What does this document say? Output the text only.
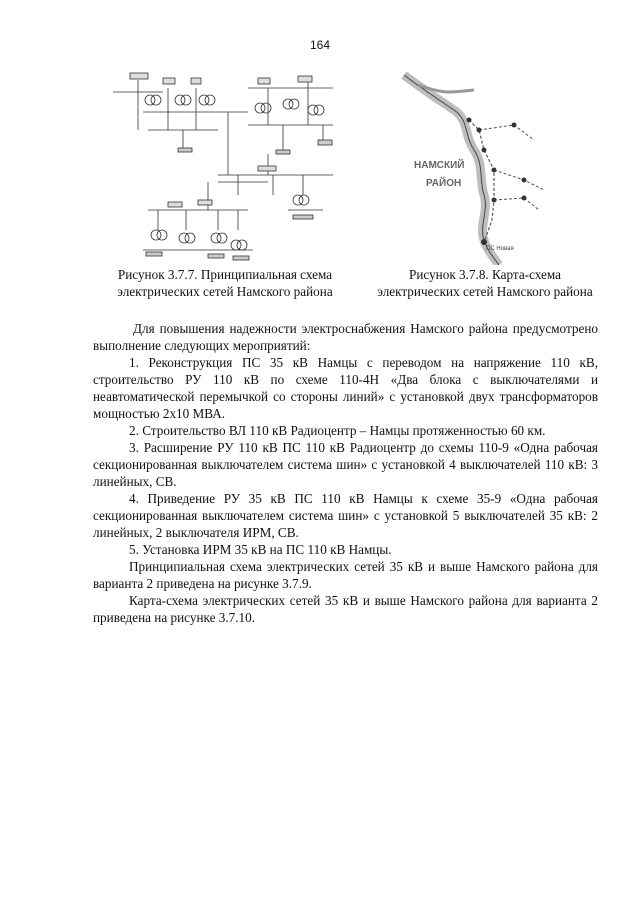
164
НАМСКИЙ
РАЙОН
ПС Новая
Рисунок 3.7.7. Принципиальная схема
электрических сетей Намского района
Рисунок 3.7.8. Карта-схема
электрических сетей Намского района

Для повышения надежности электроснабжения Намского района предусмотрено выполнение следующих мероприятий:

1. Реконструкция ПС 35 кВ Намцы с переводом на напряжение 110 кВ, строительство РУ 110 кВ по схеме 110-4Н «Два блока с выключателями и неавтоматической перемычкой со стороны линий» с установкой двух трансформаторов мощностью 2х10 МВА.

2. Строительство ВЛ 110 кВ Радиоцентр – Намцы протяженностью 60 км.

3. Расширение РУ 110 кВ ПС 110 кВ Радиоцентр до схемы 110-9 «Одна рабочая секционированная выключателем система шин» с установкой 4 выключателей 110 кВ: 3 линейных, СВ.

4. Приведение РУ 35 кВ ПС 110 кВ Намцы к схеме 35-9 «Одна рабочая секционированная выключателем система шин» с установкой 5 выключателей 35 кВ: 2 линейных, 2 выключателя ИРМ, СВ.

5. Установка ИРМ 35 кВ на ПС 110 кВ Намцы.

Принципиальная схема электрических сетей 35 кВ и выше Намского района для варианта 2 приведена на рисунке 3.7.9.

Карта-схема электрических сетей 35 кВ и выше Намского района для варианта 2 приведена на рисунке 3.7.10.
